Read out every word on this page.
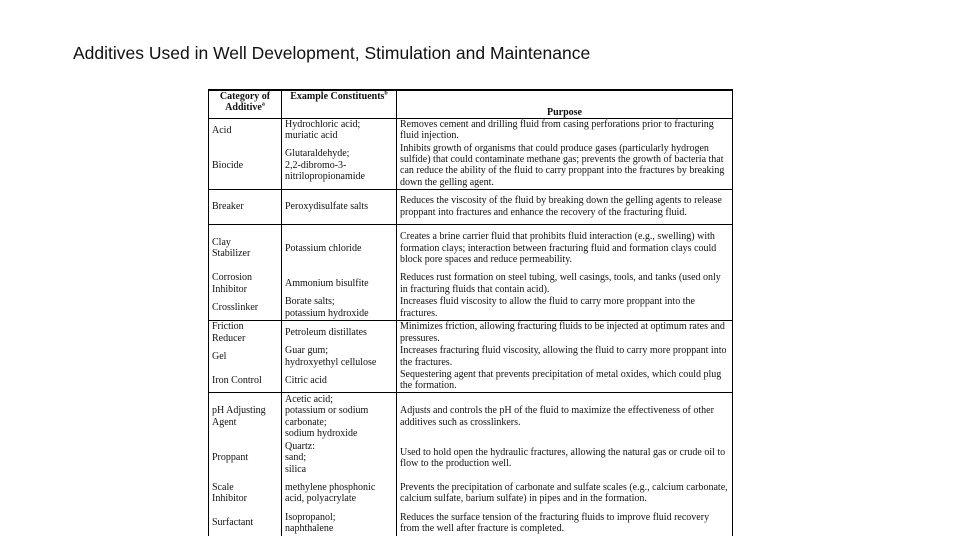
Additives Used in Well Development, Stimulation and Maintenance
Category of Additive$^a$
Example Constituents$^b$
Purpose
Acid
Hydrochloric acid;
muriatic acid
Removes cement and drilling fluid from casing perforations prior to fracturing fluid injection.
Biocide
Glutaraldehyde;
2,2-dibromo-3-
nitrilopropionamide
Inhibits growth of organisms that could produce gases (particularly hydrogen sulfide) that could contaminate methane gas; prevents the growth of bacteria that can reduce the ability of the fluid to carry proppant into the fractures by breaking down the gelling agent.
Breaker	Peroxydisulfate salts
Reduces the viscosity of the fluid by breaking down the gelling agents to release proppant into fractures and enhance the recovery of the fracturing fluid.
Clay
Stabilizer
Potassium chloride
Creates a brine carrier fluid that prohibits fluid interaction (e.g., swelling) with formation clays; interaction between fracturing fluid and formation clays could block pore spaces and reduce permeability.
Corrosion
Inhibitor
Ammonium bisulfite
Reduces rust formation on steel tubing, well casings, tools, and tanks (used only in fracturing fluids that contain acid).
Crosslinker
Borate salts;
potassium hydroxide
Increases fluid viscosity to allow the fluid to carry more proppant into the fractures.
Friction
Reducer
Petroleum distillates
Minimizes friction, allowing fracturing fluids to be injected at optimum rates and pressures.
Gel
Guar gum;
hydroxyethyl cellulose
Increases fracturing fluid viscosity, allowing the fluid to carry more proppant into the fractures.
Iron Control	Citric acid
Sequestering agent that prevents precipitation of metal oxides, which could plug the formation.
pH Adjusting
Agent
Acetic acid;
potassium or sodium
carbonate;
sodium hydroxide
Adjusts and controls the pH of the fluid to maximize the effectiveness of other additives such as crosslinkers.
Proppant
Quartz:
sand;
silica
Used to hold open the hydraulic fractures, allowing the natural gas or crude oil to flow to the production well.
Scale
Inhibitor
methylene phosphonic
acid, polyacrylate
Prevents the precipitation of carbonate and sulfate scales (e.g., calcium carbonate, calcium sulfate, barium sulfate) in pipes and in the formation.
Surfactant
Isopropanol;
naphthalene
Reduces the surface tension of the fracturing fluids to improve fluid recovery from the well after fracture is completed.
